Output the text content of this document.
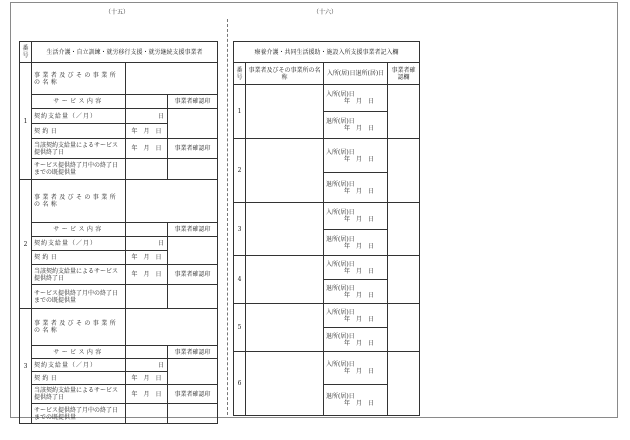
（十五）	（十六）
番号	生活介護・自立訓練・就労移行支援・就労継続支援事業者		
1	事業者及びその事業所の名称		
	サービス内容		事業者確認印
	契約支給量（／月）	日	
	契約日	年　月　日	
	当該契約支給量によるサービス提供終了日	年　月　日	事業者確認印
	サービス提供終了月中の終了日までの既提供量		
2	事業者及びその事業所の名称		
	サービス内容		事業者確認印
	契約支給量（／月）	日	
	契約日	年　月　日	
	当該契約支給量によるサービス提供終了日	年　月　日	事業者確認印
	サービス提供終了月中の終了日までの既提供量		
3	事業者及びその事業所の名称		
	サービス内容		事業者確認印
	契約支給量（／月）	日	
	契約日	年　月　日	
	当該契約支給量によるサービス提供終了日	年　月　日	事業者確認印
	サービス提供終了月中の終了日までの既提供量		
療養介護・共同生活援助・施設入所支援事業者記入欄			
番号	事業者及びその事業所の名称	入所(居)日退所(居)日	事業者確認欄
1		入所(居)日
年　月　日	

		退所(居)日
年　月　日	

2		入所(居)日
年　月　日	

		退所(居)日
年　月　日	

3		入所(居)日
年　月　日	

		退所(居)日
年　月　日	

4		入所(居)日
年　月　日	

		退所(居)日
年　月　日	

5		入所(居)日
年　月　日	

		退所(居)日
年　月　日	

6		入所(居)日
年　月　日	

		退所(居)日
年　月　日	
